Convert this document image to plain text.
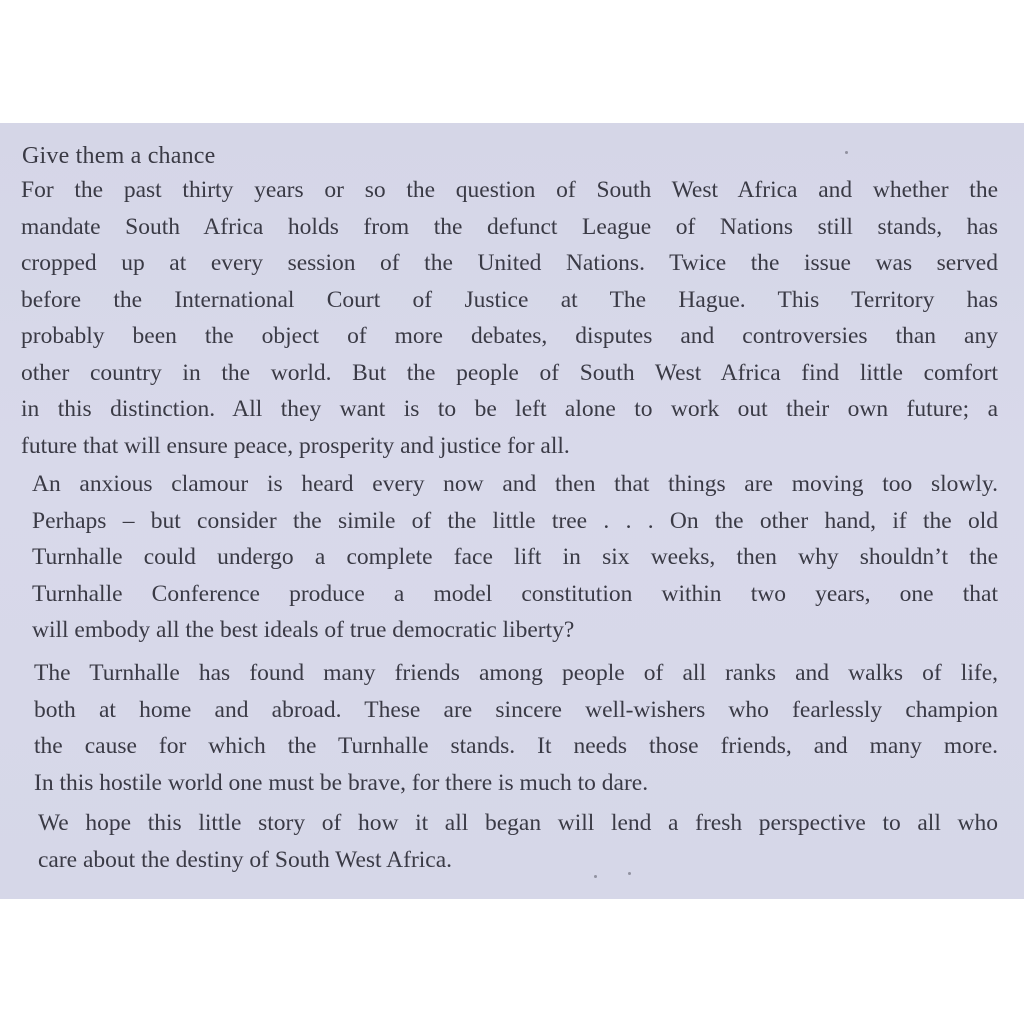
Give them a chance

For the past thirty years or so the question of South West Africa and whether the
mandate South Africa holds from the defunct League of Nations still stands, has
cropped up at every session of the United Nations. Twice the issue was served
before the International Court of Justice at The Hague. This Territory has
probably been the object of more debates, disputes and controversies than any
other country in the world. But the people of South West Africa find little comfort
in this distinction. All they want is to be left alone to work out their own future; a
future that will ensure peace, prosperity and justice for all.

An anxious clamour is heard every now and then that things are moving too slowly.
Perhaps – but consider the simile of the little tree . . . On the other hand, if the old
Turnhalle could undergo a complete face lift in six weeks, then why shouldn’t the
Turnhalle Conference produce a model constitution within two years, one that
will embody all the best ideals of true democratic liberty?

The Turnhalle has found many friends among people of all ranks and walks of life,
both at home and abroad. These are sincere well-wishers who fearlessly champion
the cause for which the Turnhalle stands. It needs those friends, and many more.
In this hostile world one must be brave, for there is much to dare.

We hope this little story of how it all began will lend a fresh perspective to all who
care about the destiny of South West Africa.
